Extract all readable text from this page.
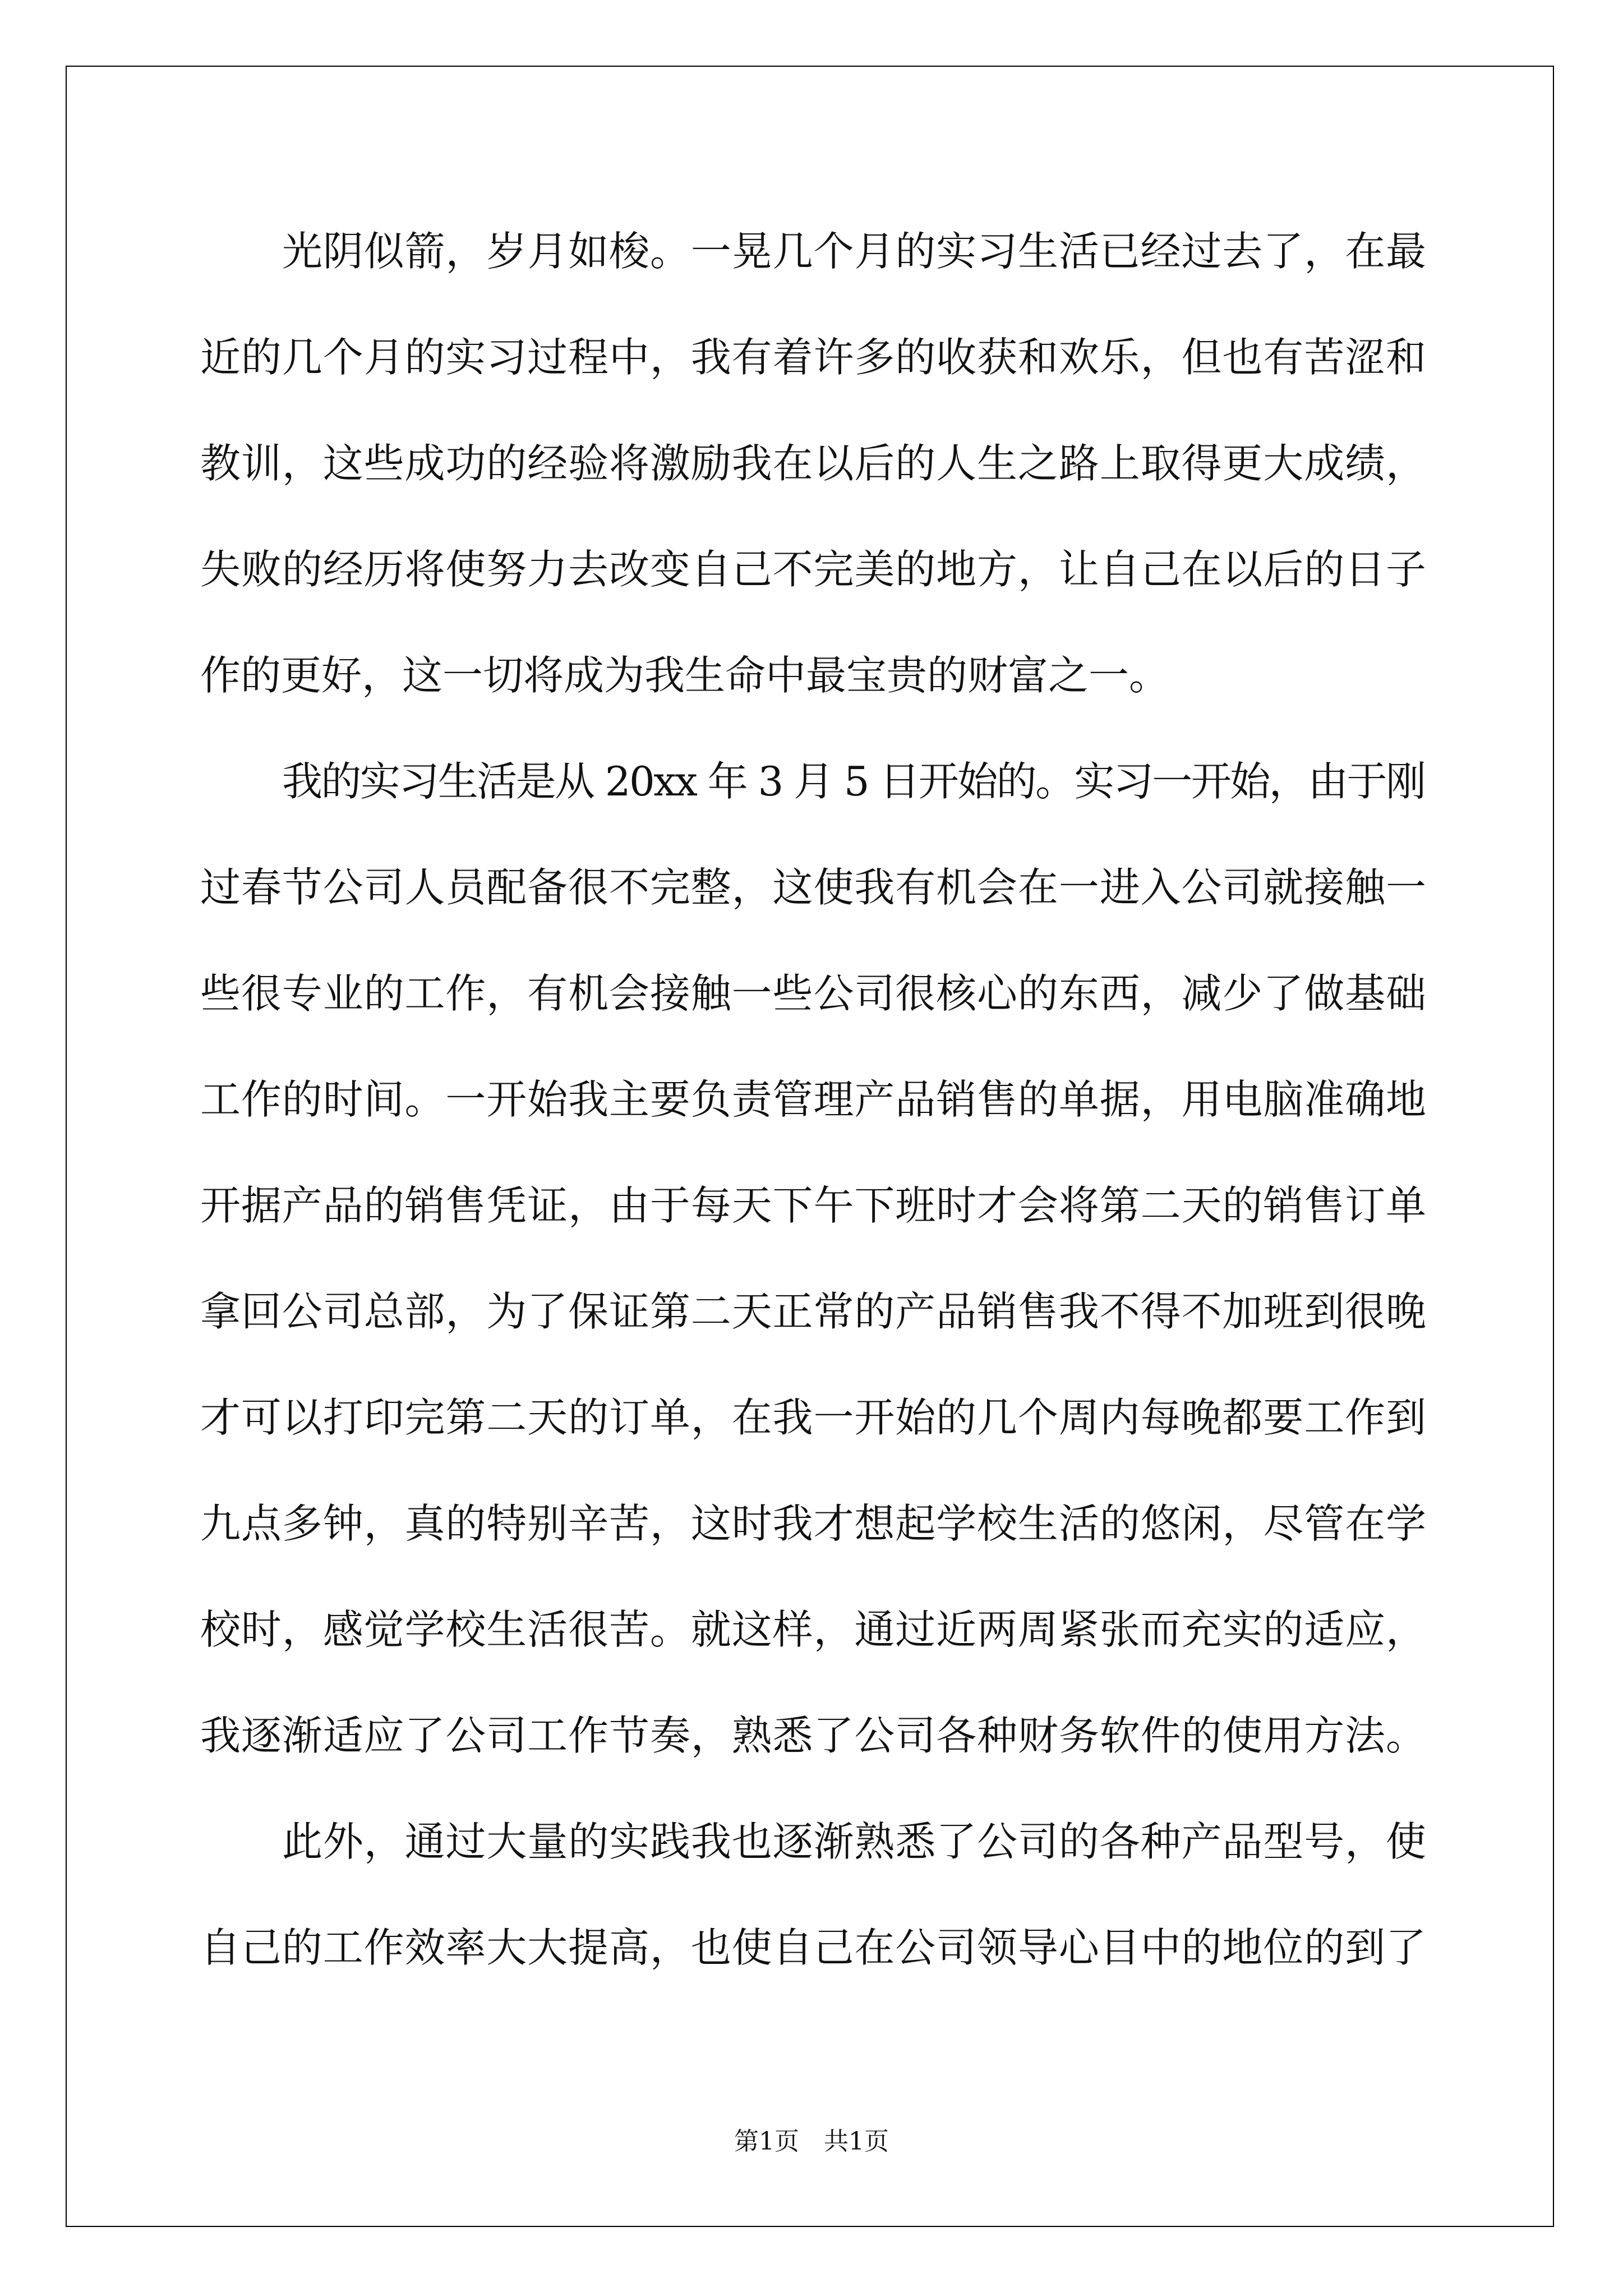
光阴似箭，岁月如梭。一晃几个月的实习生活已经过去了，在最
近的几个月的实习过程中，我有着许多的收获和欢乐，但也有苦涩和
教训，这些成功的经验将激励我在以后的人生之路上取得更大成绩，
失败的经历将使努力去改变自己不完美的地方，让自己在以后的日子
作的更好，这一切将成为我生命中最宝贵的财富之一。
我的实习生活是从 20xx 年 3 月 5 日开始的。实习一开始，由于刚
过春节公司人员配备很不完整，这使我有机会在一进入公司就接触一
些很专业的工作，有机会接触一些公司很核心的东西，减少了做基础
工作的时间。一开始我主要负责管理产品销售的单据，用电脑准确地
开据产品的销售凭证，由于每天下午下班时才会将第二天的销售订单
拿回公司总部，为了保证第二天正常的产品销售我不得不加班到很晚
才可以打印完第二天的订单，在我一开始的几个周内每晚都要工作到
九点多钟，真的特别辛苦，这时我才想起学校生活的悠闲，尽管在学
校时，感觉学校生活很苦。就这样，通过近两周紧张而充实的适应，
我逐渐适应了公司工作节奏，熟悉了公司各种财务软件的使用方法。
此外，通过大量的实践我也逐渐熟悉了公司的各种产品型号，使
自己的工作效率大大提高，也使自己在公司领导心目中的地位的到了
第1页　共1页
